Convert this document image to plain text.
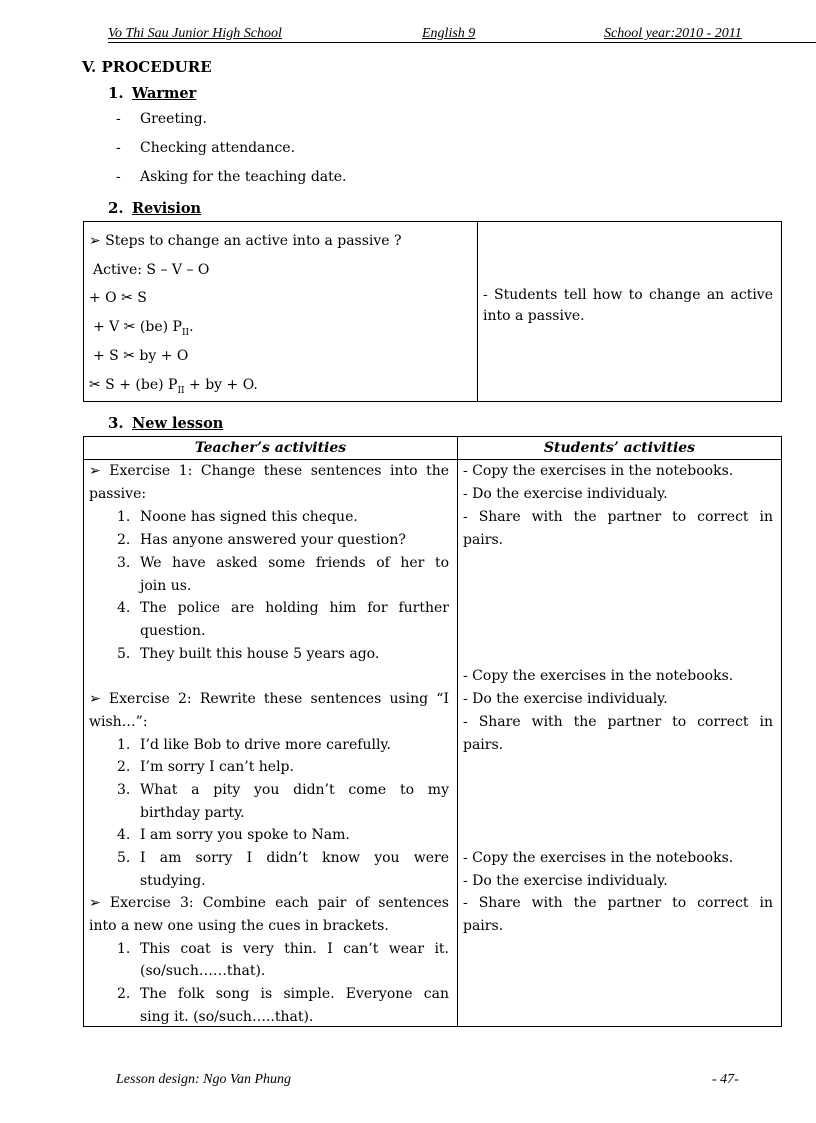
Vo Thi Sau Junior High School	English 9	School year:2010 - 2011
V. PROCEDURE
1. Warmer
- Greeting.
- Checking attendance.
- Asking for the teaching date.
2. Revision
➢ Steps to change an active into a passive ?
Active: S – V – O
+ O ✂ S
+ V ✂ (be) $P_{II}$.
+ S ✂ by + O
✂ S + (be) $P_{II}$ + by + O.
- Students tell how to change an active
into a passive.
3. New lesson
Teacher’s activities	Students’ activities
➢ Exercise 1: Change these sentences into the
passive:
1. Noone has signed this cheque.
2. Has anyone answered your question?
3. We have asked some friends of her to
join us.
4. The police are holding him for further
question.
5. They built this house 5 years ago.
➢ Exercise 2: Rewrite these sentences using “I
wish…”:
1. I’d like Bob to drive more carefully.
2. I’m sorry I can’t help.
3. What a pity you didn’t come to my
birthday party.
4. I am sorry you spoke to Nam.
5. I am sorry I didn’t know you were
studying.
➢ Exercise 3: Combine each pair of sentences
into a new one using the cues in brackets.
1. This coat is very thin. I can’t wear it.
(so/such……that).
2. The folk song is simple. Everyone can
sing it. (so/such…..that).
- Copy the exercises in the notebooks.
- Do the exercise individualy.
- Share with the partner to correct in
pairs.
- Copy the exercises in the notebooks.
- Do the exercise individualy.
- Share with the partner to correct in
pairs.
- Copy the exercises in the notebooks.
- Do the exercise individualy.
- Share with the partner to correct in
pairs.
Lesson design: Ngo Van Phung	- 47-
